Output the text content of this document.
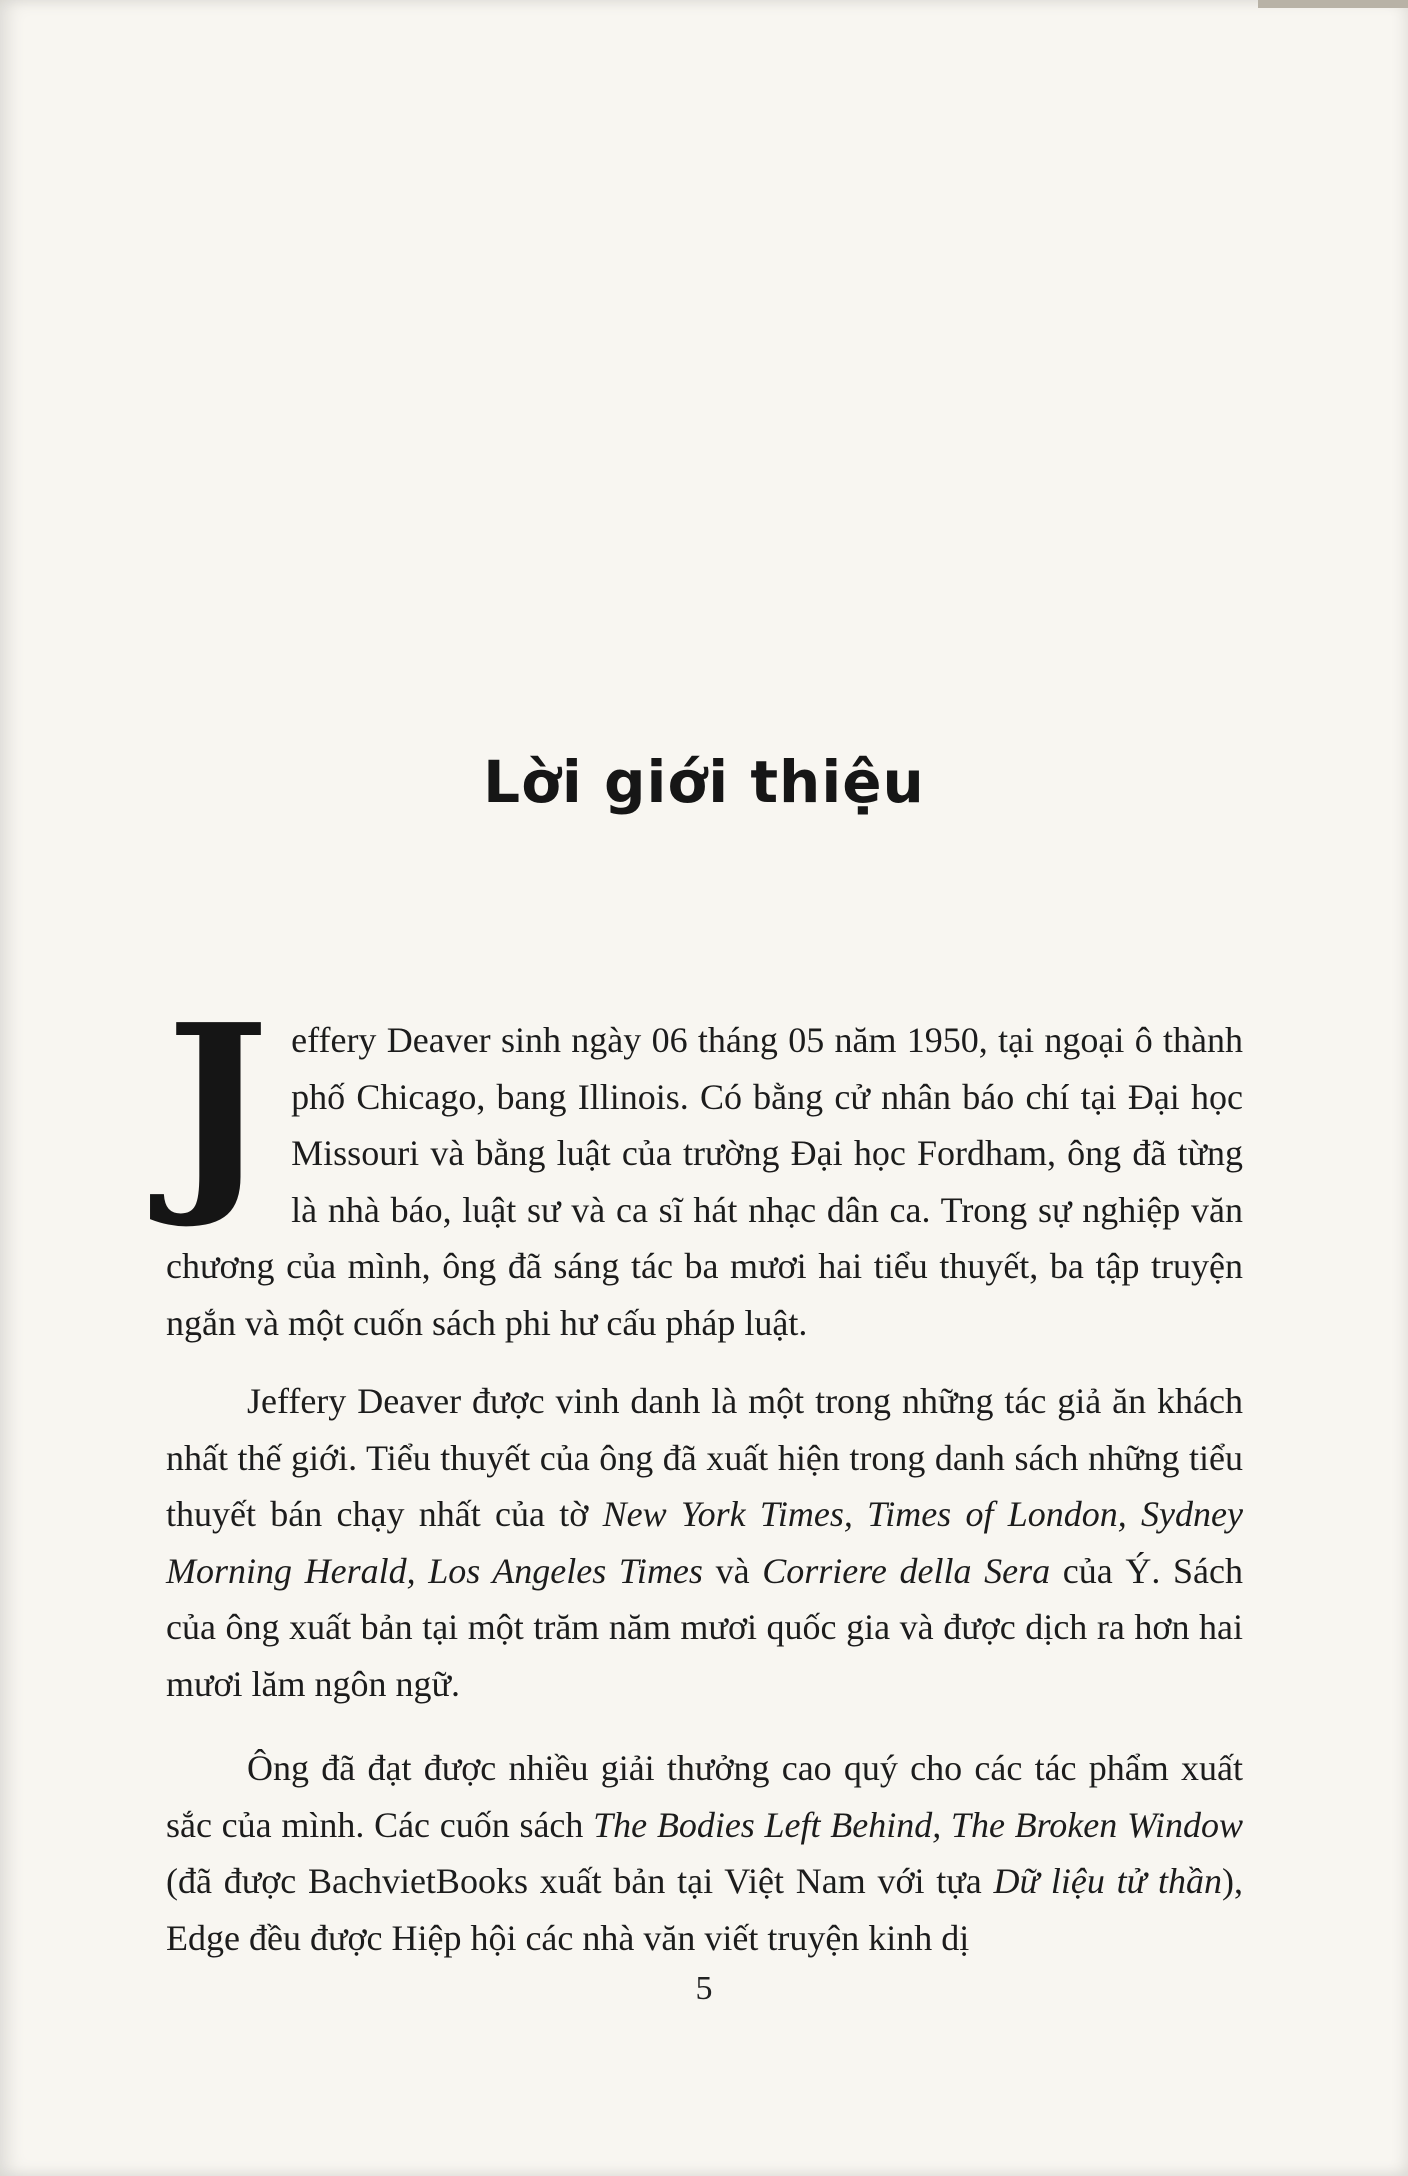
Lời giới thiệu

J effery Deaver sinh ngày 06 tháng 05 năm 1950, tại ngoại ô thành phố Chicago, bang Illinois. Có bằng cử nhân báo chí tại Đại học Missouri và bằng luật của trường Đại học Fordham, ông đã từng là nhà báo, luật sư và ca sĩ hát nhạc dân ca. Trong sự nghiệp văn chương của mình, ông đã sáng tác ba mươi hai tiểu thuyết, ba tập truyện ngắn và một cuốn sách phi hư cấu pháp luật.

Jeffery Deaver được vinh danh là một trong những tác giả ăn khách nhất thế giới. Tiểu thuyết của ông đã xuất hiện trong danh sách những tiểu thuyết bán chạy nhất của tờ New York Times, Times of London, Sydney Morning Herald, Los Angeles Times và Corriere della Sera của Ý. Sách của ông xuất bản tại một trăm năm mươi quốc gia và được dịch ra hơn hai mươi lăm ngôn ngữ.

Ông đã đạt được nhiều giải thưởng cao quý cho các tác phẩm xuất sắc của mình. Các cuốn sách The Bodies Left Behind, The Broken Window (đã được BachvietBooks xuất bản tại Việt Nam với tựa Dữ liệu tử thần), Edge đều được Hiệp hội các nhà văn viết truyện kinh dị

5
